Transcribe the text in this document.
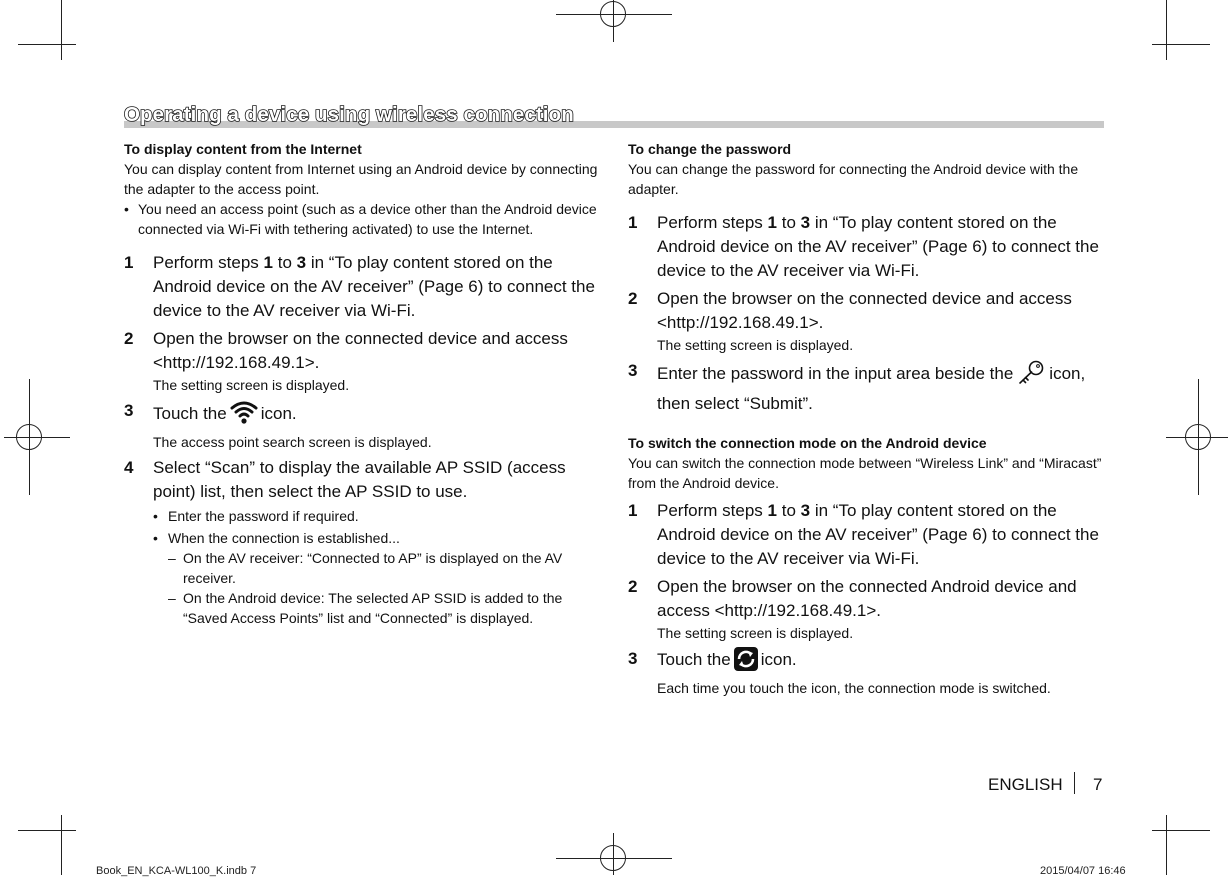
Operating a device using wireless connection
To display content from the Internet

You can display content from Internet using an Android device by connecting the adapter to the access point.

• You need an access point (such as a device other than the Android device connected via Wi-Fi with tethering activated) to use the Internet.
1 Perform steps 1 to 3 in “To play content stored on the Android device on the AV receiver” (Page 6) to connect the device to the AV receiver via Wi-Fi.
2 Open the browser on the connected device and access <http://192.168.49.1>.
The setting screen is displayed.
3 Touch the icon.
The access point search screen is displayed.
4 Select “Scan” to display the available AP SSID (access point) list, then select the AP SSID to use.
• Enter the password if required.
• When the connection is established...
– On the AV receiver: “Connected to AP” is displayed on the AV receiver.
– On the Android device: The selected AP SSID is added to the “Saved Access Points” list and “Connected” is displayed.
To change the password

You can change the password for connecting the Android device with the adapter.

1 Perform steps 1 to 3 in “To play content stored on the Android device on the AV receiver” (Page 6) to connect the device to the AV receiver via Wi-Fi.
2 Open the browser on the connected device and access <http://192.168.49.1>.
The setting screen is displayed.
3 Enter the password in the input area beside the icon, then select “Submit”.
To switch the connection mode on the Android device

You can switch the connection mode between “Wireless Link” and “Miracast” from the Android device.

1 Perform steps 1 to 3 in “To play content stored on the Android device on the AV receiver” (Page 6) to connect the device to the AV receiver via Wi-Fi.
2 Open the browser on the connected Android device and access <http://192.168.49.1>.
The setting screen is displayed.
3 Touch the icon.
Each time you touch the icon, the connection mode is switched.
ENGLISH 7
Book_EN_KCA-WL100_K.indb 7	2015/04/07 16:46
